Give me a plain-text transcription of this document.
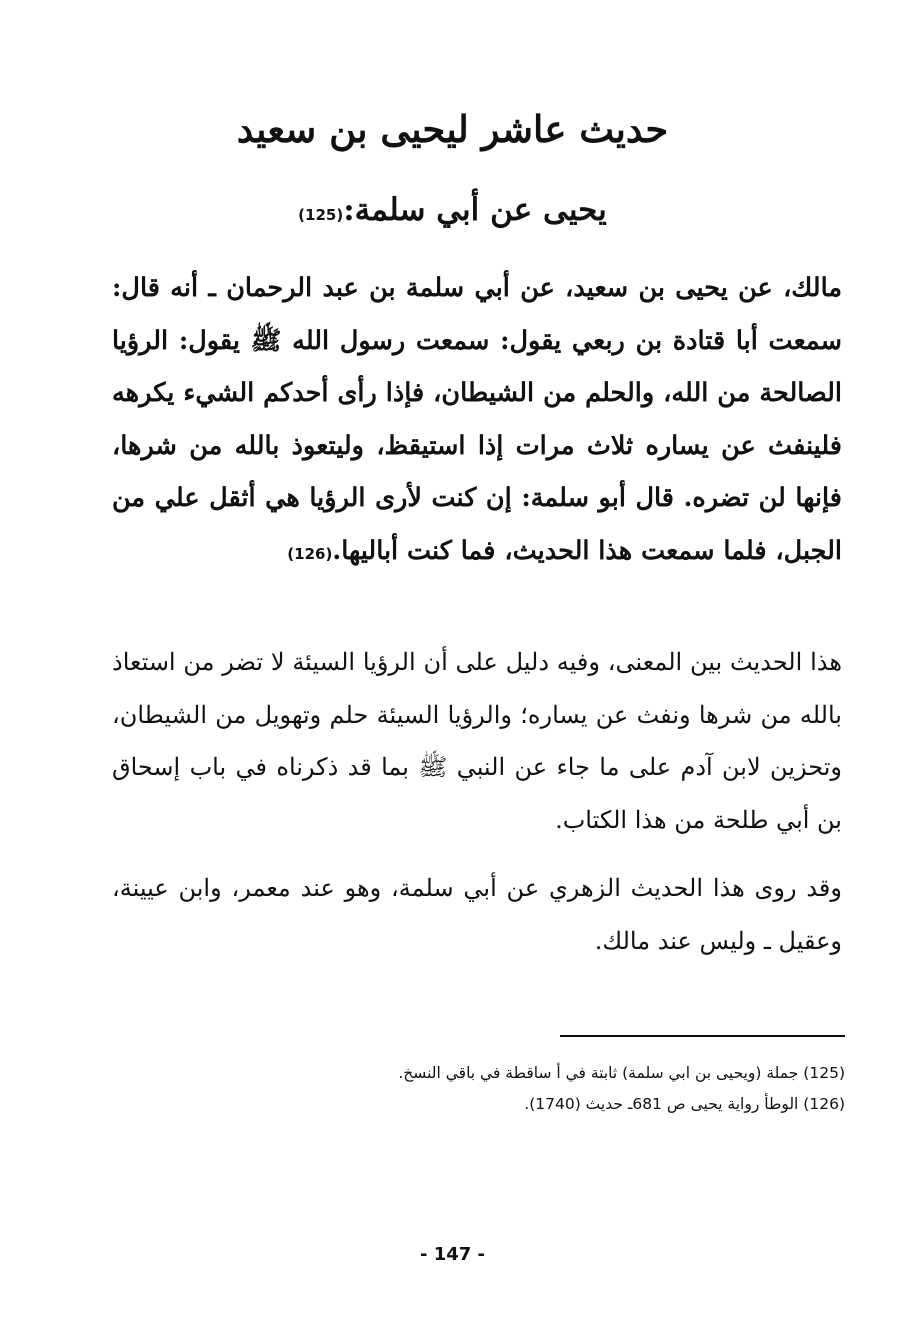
حديث عاشر ليحيى بن سعيد
يحيى عن أبي سلمة:(125)

مالك، عن يحيى بن سعيد، عن أبي سلمة بن عبد الرحمان ـ أنه قال: سمعت أبا قتادة بن ربعي يقول: سمعت رسول الله ﷺ يقول: الرؤيا الصالحة من الله، والحلم من الشيطان، فإذا رأى أحدكم الشيء يكرهه فلينفث عن يساره ثلاث مرات إذا استيقظ، وليتعوذ بالله من شرها، فإنها لن تضره. قال أبو سلمة: إن كنت لأرى الرؤيا هي أثقل علي من الجبل، فلما سمعت هذا الحديث، فما كنت أباليها.(126)

هذا الحديث بين المعنى، وفيه دليل على أن الرؤيا السيئة لا تضر من استعاذ بالله من شرها ونفث عن يساره؛ والرؤيا السيئة حلم وتهويل من الشيطان، وتحزين لابن آدم على ما جاء عن النبي ﷺ بما قد ذكرناه في باب إسحاق بن أبي طلحة من هذا الكتاب.

وقد روى هذا الحديث الزهري عن أبي سلمة، وهو عند معمر، وابن عيينة، وعقيل ـ وليس عند مالك.

(125) جملة (ويحيى بن ابي سلمة) ثابتة في أ ساقطة في باقي النسخ.
(126) الوطأ رواية يحيى ص 681ـ حديث (1740).
- 147 -
